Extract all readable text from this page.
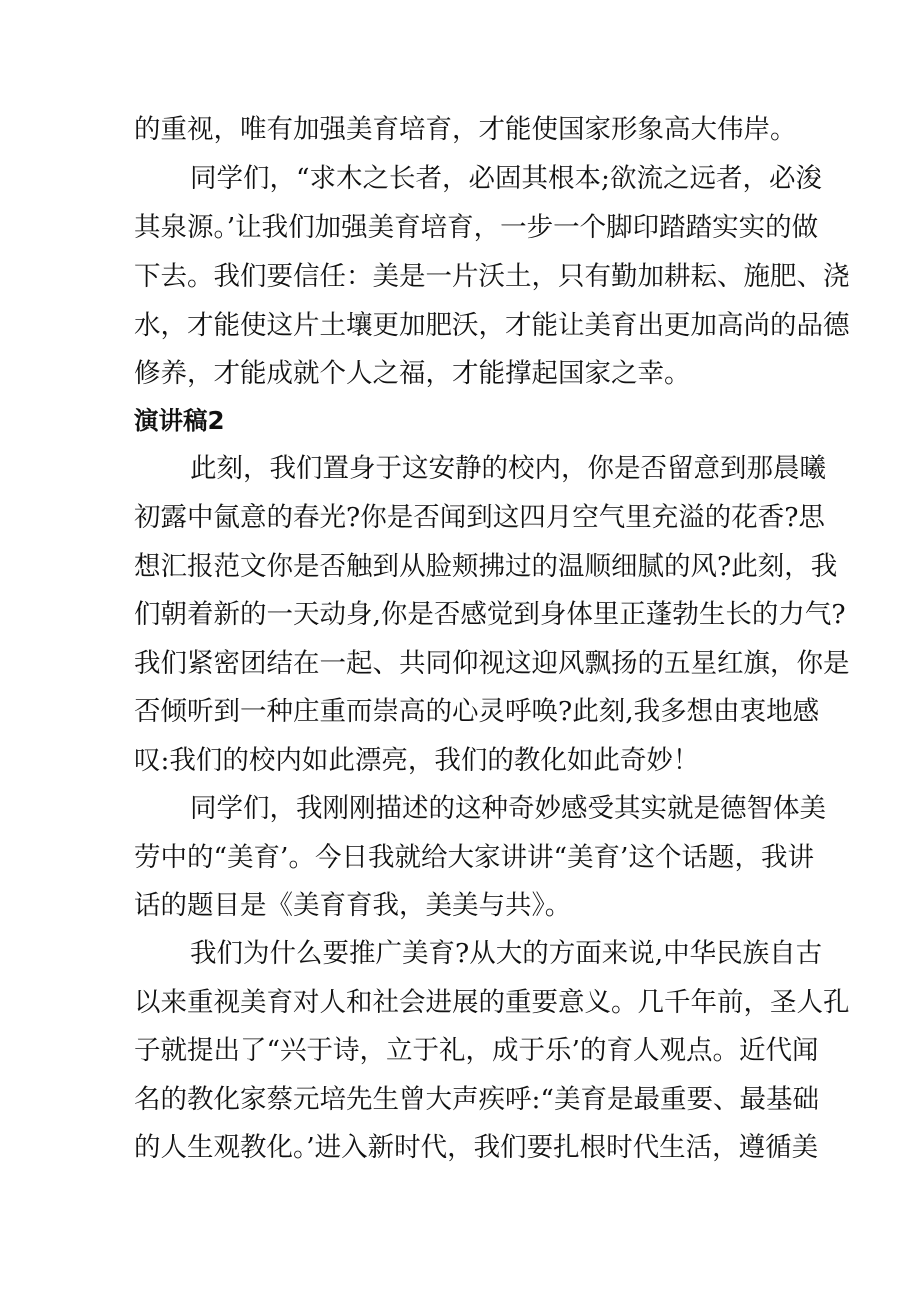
的重视，唯有加强美育培育，才能使国家形象高大伟岸。

同学们，“求木之长者，必固其根本;欲流之远者，必浚

其泉源。’让我们加强美育培育，一步一个脚印踏踏实实的做

下去。我们要信任：美是一片沃土，只有勤加耕耘、施肥、浇

水，才能使这片土壤更加肥沃，才能让美育出更加高尚的品德

修养，才能成就个人之福，才能撑起国家之幸。

演讲稿2

此刻，我们置身于这安静的校内，你是否留意到那晨曦

初露中氤意的春光?你是否闻到这四月空气里充溢的花香?思

想汇报范文你是否触到从脸颊拂过的温顺细腻的风?此刻，我

们朝着新的一天动身,你是否感觉到身体里正蓬勃生长的力气?

我们紧密团结在一起、共同仰视这迎风飘扬的五星红旗，你是

否倾听到一种庄重而崇高的心灵呼唤?此刻,我多想由衷地感

叹:我们的校内如此漂亮，我们的教化如此奇妙！

同学们，我刚刚描述的这种奇妙感受其实就是德智体美

劳中的“美育’。今日我就给大家讲讲“美育’这个话题，我讲

话的题目是《美育育我，美美与共》。

我们为什么要推广美育?从大的方面来说,中华民族自古

以来重视美育对人和社会进展的重要意义。几千年前，圣人孔

子就提出了“兴于诗，立于礼，成于乐’的育人观点。近代闻

名的教化家蔡元培先生曾大声疾呼:“美育是最重要、最基础

的人生观教化。’进入新时代，我们要扎根时代生活，遵循美
